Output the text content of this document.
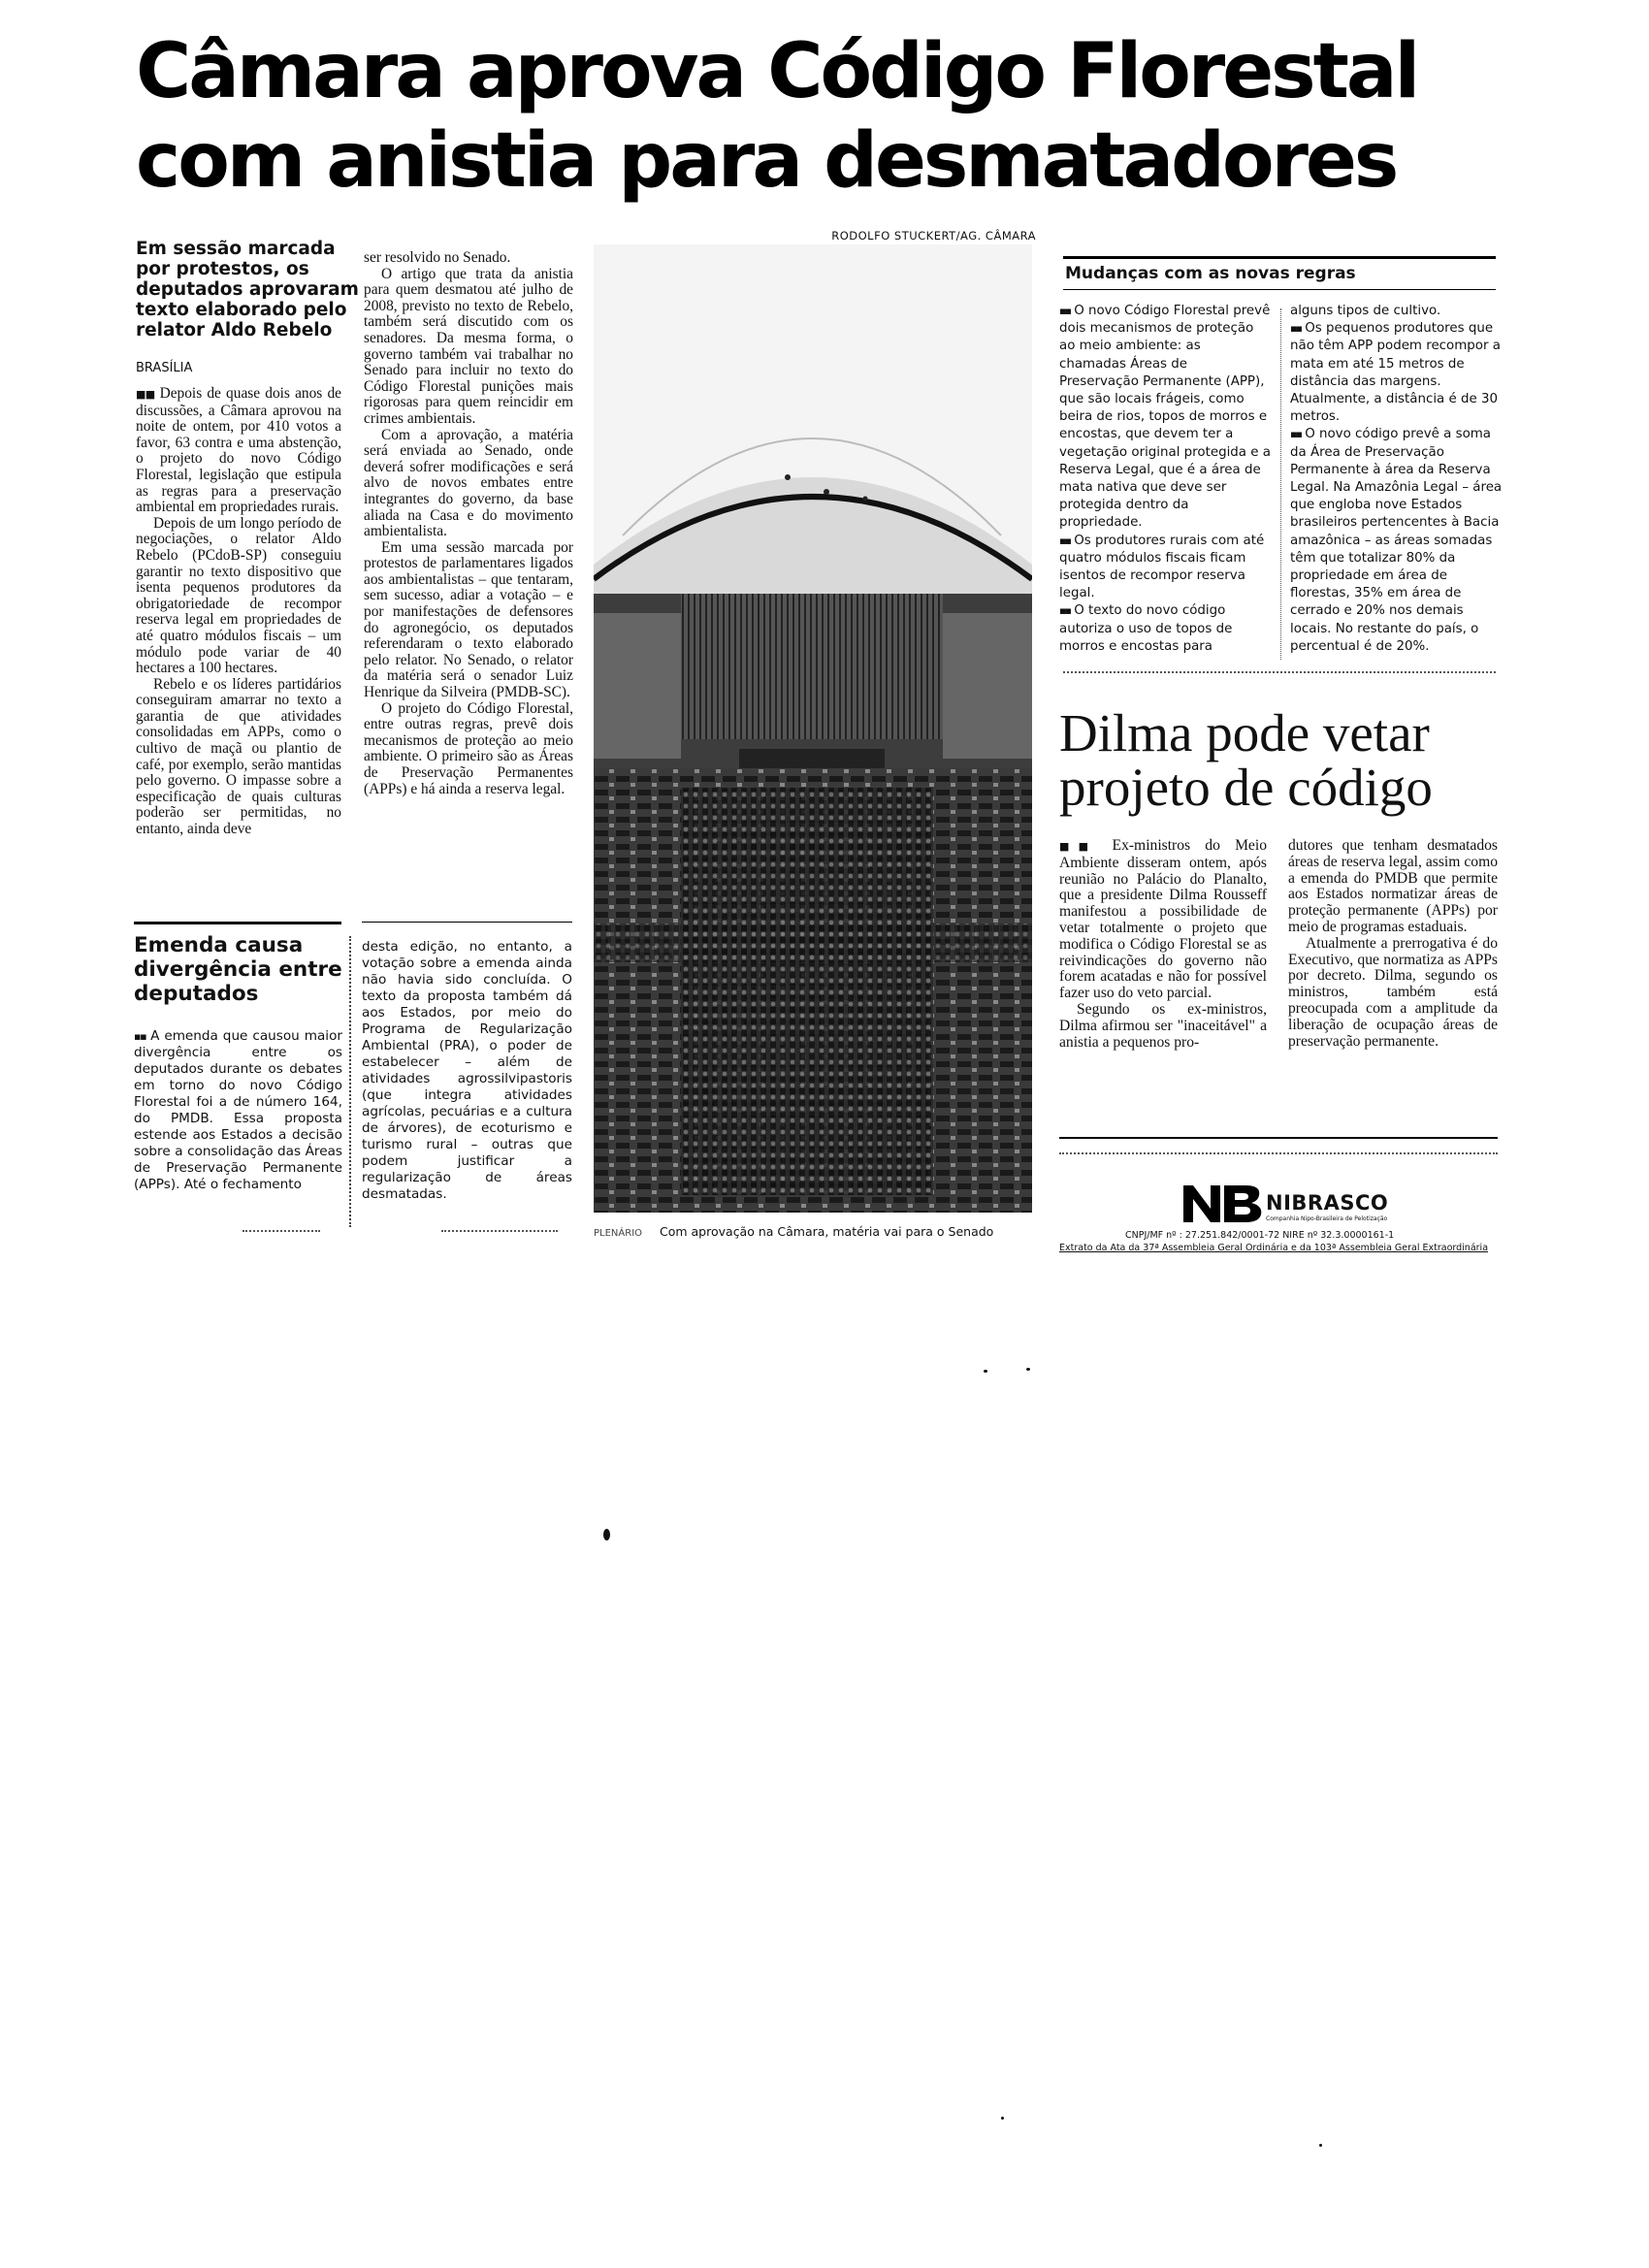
Câmara aprova Código Florestal
com anistia para desmatadores
Em sessão marcada por protestos, os deputados aprovaram texto elaborado pelo relator Aldo Rebelo
BRASÍLIA

■■ Depois de quase dois anos de discussões, a Câmara aprovou na noite de ontem, por 410 votos a favor, 63 contra e uma abstenção, o projeto do novo Código Florestal, legislação que estipula as regras para a preservação ambiental em propriedades rurais.

Depois de um longo período de negociações, o relator Aldo Rebelo (PCdoB-SP) conseguiu garantir no texto dispositivo que isenta pequenos produtores da obrigatoriedade de recompor reserva legal em propriedades de até quatro módulos fiscais – um módulo pode variar de 40 hectares a 100 hectares.

Rebelo e os líderes partidários conseguiram amarrar no texto a garantia de que atividades consolidadas em APPs, como o cultivo de maçã ou plantio de café, por exemplo, serão mantidas pelo governo. O impasse sobre a especificação de quais culturas poderão ser permitidas, no entanto, ainda deve

ser resolvido no Senado.

O artigo que trata da anistia para quem desmatou até julho de 2008, previsto no texto de Rebelo, também será discutido com os senadores. Da mesma forma, o governo também vai trabalhar no Senado para incluir no texto do Código Florestal punições mais rigorosas para quem reincidir em crimes ambientais.

Com a aprovação, a matéria será enviada ao Senado, onde deverá sofrer modificações e será alvo de novos embates entre integrantes do governo, da base aliada na Casa e do movimento ambientalista.

Em uma sessão marcada por protestos de parlamentares ligados aos ambientalistas – que tentaram, sem sucesso, adiar a votação – e por manifestações de defensores do agronegócio, os deputados referendaram o texto elaborado pelo relator. No Senado, o relator da matéria será o senador Luiz Henrique da Silveira (PMDB-SC).

O projeto do Código Florestal, entre outras regras, prevê dois mecanismos de proteção ao meio ambiente. O primeiro são as Áreas de Preservação Permanentes (APPs) e há ainda a reserva legal.

Emenda causa divergência entre deputados

▪▪ A emenda que causou maior divergência entre os deputados durante os debates em torno do novo Código Florestal foi a de número 164, do PMDB. Essa proposta estende aos Estados a decisão sobre a consolidação das Áreas de Preservação Permanente (APPs). Até o fechamento

desta edição, no entanto, a votação sobre a emenda ainda não havia sido concluída. O texto da proposta também dá aos Estados, por meio do Programa de Regularização Ambiental (PRA), o poder de estabelecer – além de atividades agrossilvipastoris (que integra atividades agrícolas, pecuárias e a cultura de árvores), de ecoturismo e turismo rural – outras que podem justificar a regularização de áreas desmatadas.

RODOLFO STUCKERT/AG. CÂMARA
PLENÁRIO Com aprovação na Câmara, matéria vai para o Senado
Mudanças com as novas regras

▪▪ O novo Código Florestal prevê dois mecanismos de proteção ao meio ambiente: as chamadas Áreas de Preservação Permanente (APP), que são locais frágeis, como beira de rios, topos de morros e encostas, que devem ter a vegetação original protegida e a Reserva Legal, que é a área de mata nativa que deve ser protegida dentro da propriedade.

▪▪ Os produtores rurais com até quatro módulos fiscais ficam isentos de recompor reserva legal.

▪▪ O texto do novo código autoriza o uso de topos de morros e encostas para

alguns tipos de cultivo.

▪▪ Os pequenos produtores que não têm APP podem recompor a mata em até 15 metros de distância das margens. Atualmente, a distância é de 30 metros.

▪▪ O novo código prevê a soma da Área de Preservação Permanente à área da Reserva Legal. Na Amazônia Legal – área que engloba nove Estados brasileiros pertencentes à Bacia amazônica – as áreas somadas têm que totalizar 80% da propriedade em área de florestas, 35% em área de cerrado e 20% nos demais locais. No restante do país, o percentual é de 20%.

Dilma pode vetar
projeto de código

■■ Ex-ministros do Meio Ambiente disseram ontem, após reunião no Palácio do Planalto, que a presidente Dilma Rousseff manifestou a possibilidade de vetar totalmente o projeto que modifica o Código Florestal se as reivindicações do governo não forem acatadas e não for possível fazer uso do veto parcial.

Segundo os ex-ministros, Dilma afirmou ser "inaceitável" a anistia a pequenos pro-

dutores que tenham desmatados áreas de reserva legal, assim como a emenda do PMDB que permite aos Estados normatizar áreas de proteção permanente (APPs) por meio de programas estaduais.

Atualmente a prerrogativa é do Executivo, que normatiza as APPs por decreto. Dilma, segundo os ministros, também está preocupada com a amplitude da liberação de ocupação áreas de preservação permanente.

NIBRASCO
Companhia Nipo-Brasileira de Pelotização
CNPJ/MF nº : 27.251.842/0001-72 NIRE nº 32.3.0000161-1
Extrato da Ata da 37ª Assembleia Geral Ordinária e da 103ª Assembleia Geral Extraordinária
